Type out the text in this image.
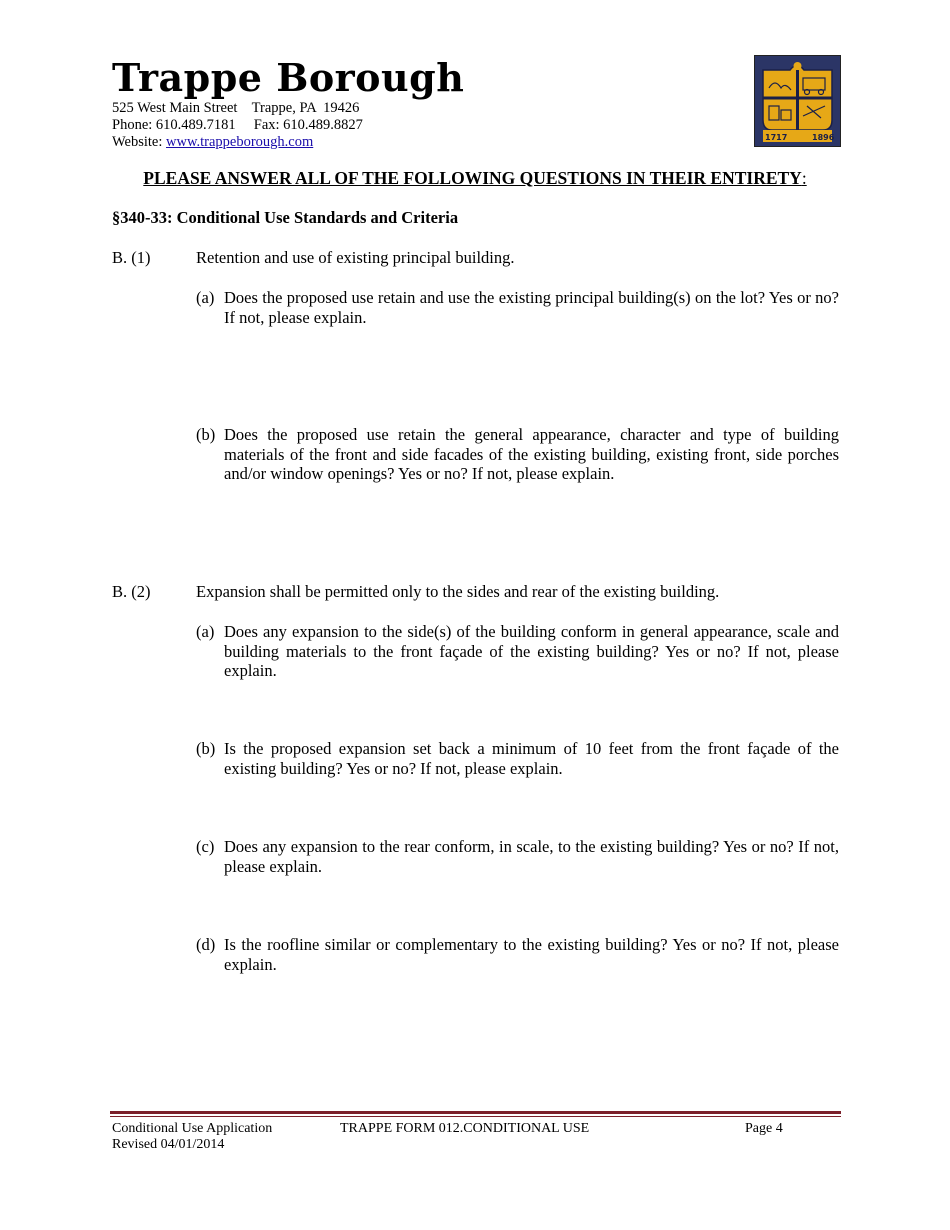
Trappe Borough
525 West Main Street    Trappe, PA  19426
Phone: 610.489.7181     Fax: 610.489.8827
Website: www.trappeborough.com	1717	1896
PLEASE ANSWER ALL OF THE FOLLOWING QUESTIONS IN THEIR ENTIRETY:
§340-33: Conditional Use Standards and Criteria
B. (1)	Retention and use of existing principal building.
(a) Does the proposed use retain and use the existing principal building(s) on the lot? Yes or no? If not, please explain.
(b) Does the proposed use retain the general appearance, character and type of building materials of the front and side facades of the existing building, existing front, side porches and/or window openings? Yes or no? If not, please explain.
B. (2)	Expansion shall be permitted only to the sides and rear of the existing building.
(a) Does any expansion to the side(s) of the building conform in general appearance, scale and building materials to the front façade of the existing building? Yes or no? If not, please explain.
(b) Is the proposed expansion set back a minimum of 10 feet from the front façade of the existing building? Yes or no? If not, please explain.
(c) Does any expansion to the rear conform, in scale, to the existing building? Yes or no? If not, please explain.
(d) Is the roofline similar or complementary to the existing building? Yes or no? If not, please explain.
Conditional Use Application
Revised 04/01/2014
TRAPPE FORM 012.CONDITIONAL USE	Page 4
